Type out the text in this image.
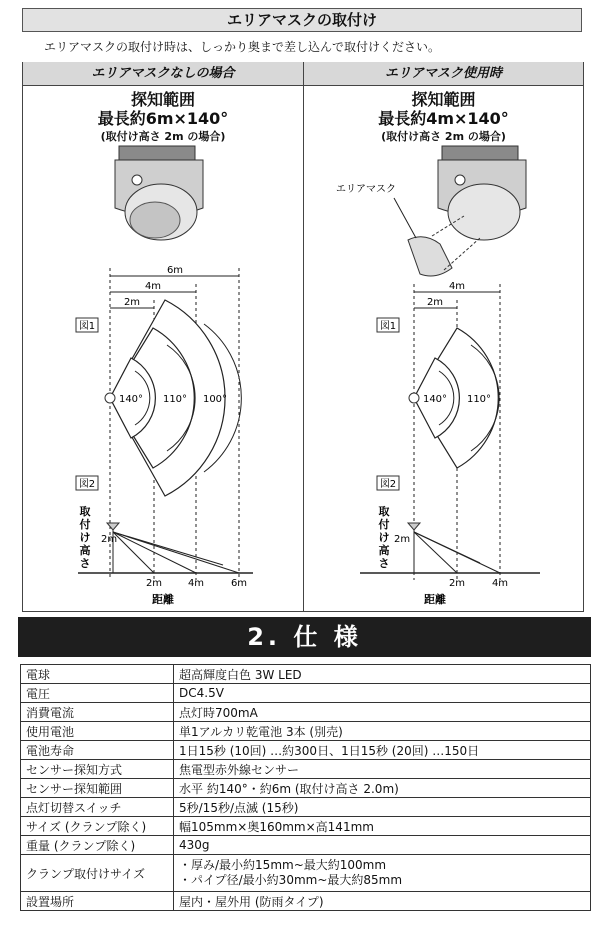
エリアマスクの取付け
エリアマスクの取付け時は、しっかり奥まで差し込んで取付けください。
エリアマスクなしの場合	エリアマスク使用時
探知範囲
最長約6m×140°
(取付け高さ 2m の場合)
探知範囲
最長約4m×140°
(取付け高さ 2m の場合)
6m
4m
2m
図1
140° 110° 100°
図2
取
付
け
高
さ
2m
2m	4m	6m
距離
エリアマスク
4m
2m
図1
140° 110°
図2
取
付
け
高
さ
2m
2m	4m
距離
2. 仕 様
電球	超高輝度白色 3W LED
電圧	DC4.5V
消費電流	点灯時700mA
使用電池	単1アルカリ乾電池 3本 (別売)
電池寿命	1日15秒 (10回) …約300日、1日15秒 (20回) …150日
センサー探知方式	焦電型赤外線センサー
センサー探知範囲	水平 約140°・約6m (取付け高さ 2.0m)
点灯切替スイッチ	5秒/15秒/点滅 (15秒)
サイズ (クランプ除く)	幅105mm×奥160mm×高141mm
重量 (クランプ除く)	430g
クランプ取付けサイズ	・厚み/最小約15mm~最大約100mm
・パイプ径/最小約30mm~最大約85mm

設置場所	屋内・屋外用 (防雨タイプ)
